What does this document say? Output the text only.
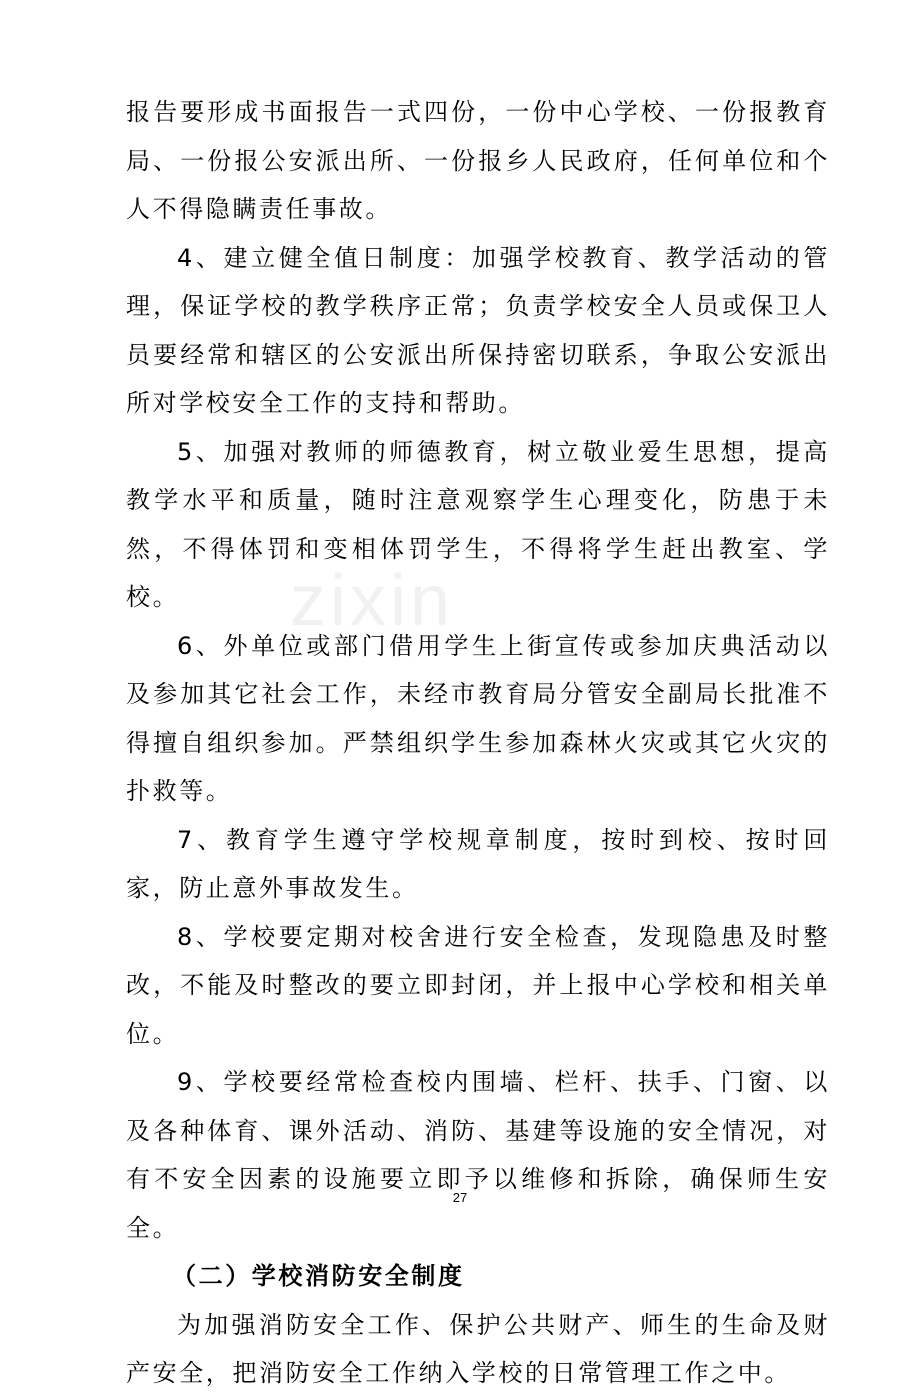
zixin

报告要形成书面报告一式四份，一份中心学校、一份报教育局、一份报公安派出所、一份报乡人民政府，任何单位和个人不得隐瞒责任事故。

4、建立健全值日制度：加强学校教育、教学活动的管理，保证学校的教学秩序正常；负责学校安全人员或保卫人员要经常和辖区的公安派出所保持密切联系，争取公安派出所对学校安全工作的支持和帮助。

5、加强对教师的师德教育，树立敬业爱生思想，提高教学水平和质量，随时注意观察学生心理变化，防患于未然，不得体罚和变相体罚学生，不得将学生赶出教室、学校。

6、外单位或部门借用学生上街宣传或参加庆典活动以及参加其它社会工作，未经市教育局分管安全副局长批准不得擅自组织参加。严禁组织学生参加森林火灾或其它火灾的扑救等。

7、教育学生遵守学校规章制度，按时到校、按时回家，防止意外事故发生。

8、学校要定期对校舍进行安全检查，发现隐患及时整改，不能及时整改的要立即封闭，并上报中心学校和相关单位。

9、学校要经常检查校内围墙、栏杆、扶手、门窗、以及各种体育、课外活动、消防、基建等设施的安全情况，对有不安全因素的设施要立即予以维修和拆除，确保师生安全。

（二）学校消防安全制度

为加强消防安全工作、保护公共财产、师生的生命及财产安全，把消防安全工作纳入学校的日常管理工作之中。

27
